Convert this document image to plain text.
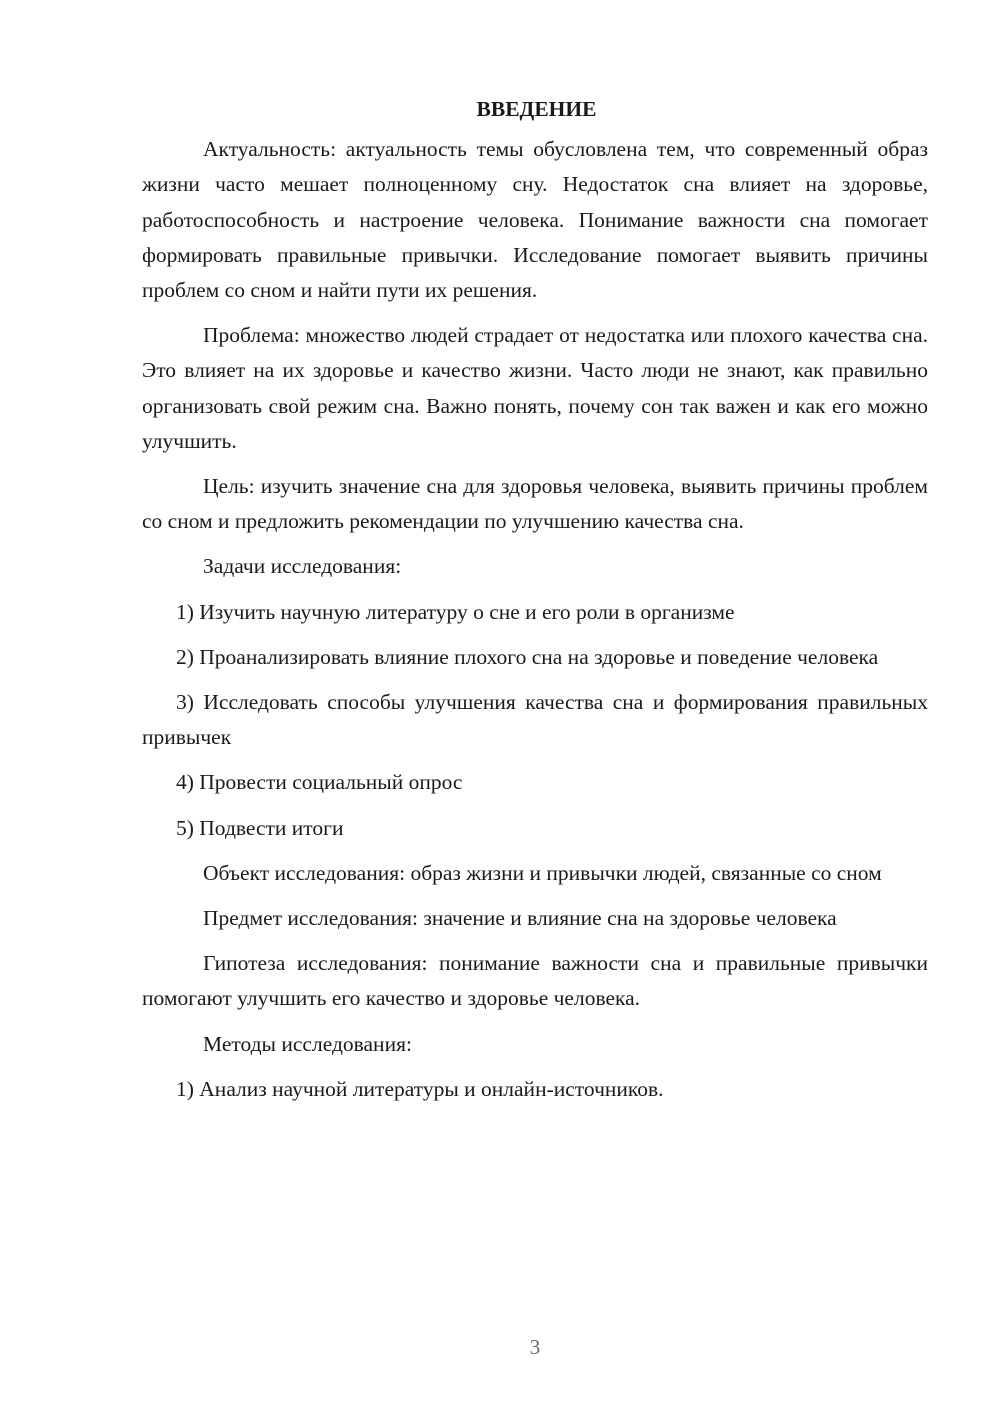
ВВЕДЕНИЕ

Актуальность: актуальность темы обусловлена тем, что современный образ жизни часто мешает полноценному сну. Недостаток сна влияет на здоровье, работоспособность и настроение человека. Понимание важности сна помогает формировать правильные привычки. Исследование помогает выявить причины проблем со сном и найти пути их решения.

Проблема: множество людей страдает от недостатка или плохого качества сна. Это влияет на их здоровье и качество жизни. Часто люди не знают, как правильно организовать свой режим сна. Важно понять, почему сон так важен и как его можно улучшить.

Цель: изучить значение сна для здоровья человека, выявить причины проблем со сном и предложить рекомендации по улучшению качества сна.

Задачи исследования:

1) Изучить научную литературу о сне и его роли в организме

2) Проанализировать влияние плохого сна на здоровье и поведение человека

3) Исследовать способы улучшения качества сна и формирования правильных привычек

4) Провести социальный опрос

5) Подвести итоги

Объект исследования: образ жизни и привычки людей, связанные со сном

Предмет исследования: значение и влияние сна на здоровье человека

Гипотеза исследования: понимание важности сна и правильные привычки помогают улучшить его качество и здоровье человека.

Методы исследования:

1) Анализ научной литературы и онлайн-источников.

3
